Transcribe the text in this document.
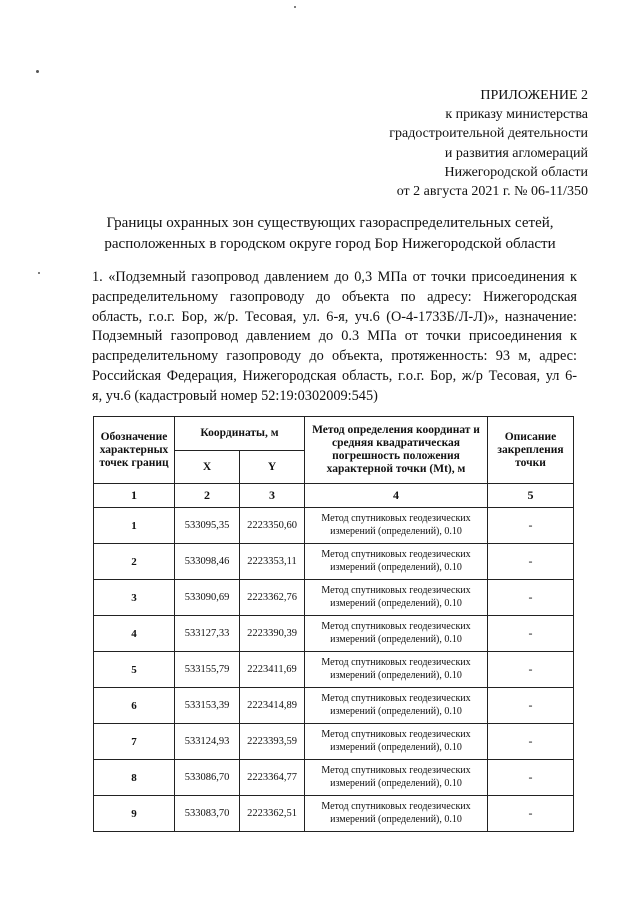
ПРИЛОЖЕНИЕ 2
к приказу министерства
градостроительной деятельности
и развития агломераций
Нижегородской области
от 2 августа 2021 г. № 06-11/350
Границы охранных зон существующих газораспределительных сетей,
расположенных в городском округе город Бор Нижегородской области
1. «Подземный газопровод давлением до 0,3 МПа от точки присоединения к
распределительному газопроводу до объекта по адресу: Нижегородская
область, г.о.г. Бор, ж/р. Тесовая, ул. 6-я, уч.6 (О-4-1733Б/Л-Л)», назначение:
Подземный газопровод давлением до 0.3 МПа от точки присоединения к
распределительному газопроводу до объекта, протяженность: 93 м, адрес:
Российская Федерация, Нижегородская область, г.о.г. Бор, ж/р Тесовая, ул 6-
я, уч.6 (кадастровый номер 52:19:0302009:545)
Обозначение характерных точек границ	Координаты, м		Метод определения координат и средняя квадратическая погрешность положения характерной точки (Mt), м	Описание закрепления точки
	X	Y		
1	2	3	4	5
1	533095,35	2223350,60	Метод спутниковых геодезических измерений (определений), 0.10	-
2	533098,46	2223353,11	Метод спутниковых геодезических измерений (определений), 0.10	-
3	533090,69	2223362,76	Метод спутниковых геодезических измерений (определений), 0.10	-
4	533127,33	2223390,39	Метод спутниковых геодезических измерений (определений), 0.10	-
5	533155,79	2223411,69	Метод спутниковых геодезических измерений (определений), 0.10	-
6	533153,39	2223414,89	Метод спутниковых геодезических измерений (определений), 0.10	-
7	533124,93	2223393,59	Метод спутниковых геодезических измерений (определений), 0.10	-
8	533086,70	2223364,77	Метод спутниковых геодезических измерений (определений), 0.10	-
9	533083,70	2223362,51	Метод спутниковых геодезических измерений (определений), 0.10	-
